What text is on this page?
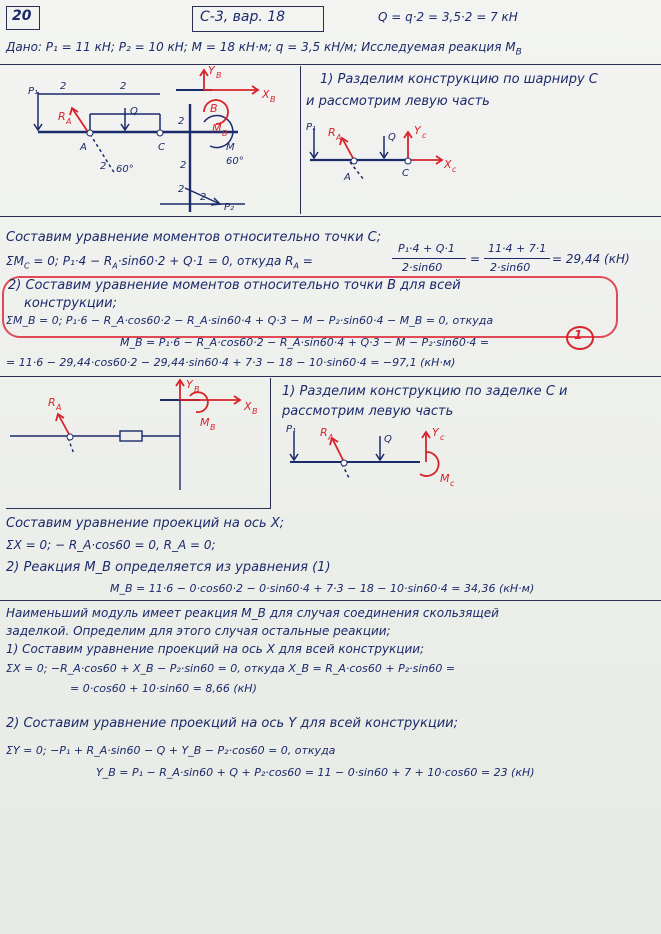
20	С-3, вар. 18	Q = q·2 = 3,5·2 = 7 кН
Дано: P₁ = 11 кН; P₂ = 10 кН; M = 18 кН·м; q = 3,5 кН/м; Исследуемая реакция $M_B$
P₁ 2	2
Q
2
A	C
2
M
60°
60°
2
2
P₂
2
R A
X B
Y B
M B
B
1) Разделим конструкцию по шарниру C
и рассмотрим левую часть
P₁
Q
A	C
R A
Y c
X c
Составим уравнение моментов относительно точки C;
$\Sigma M_C = 0$; $P_1\cdot 4 - R_A\cdot\sin 60\cdot 2 + Q\cdot 1 = 0$, откуда $R_A$ =
P₁·4 + Q·1
2·sin60
=
11·4 + 7·1
2·sin60
= 29,44 (кН)
2) Составим уравнение моментов относительно точки B для всей
конструкции;
ΣM_B = 0; P₁·6 − R_A·cos60·2 − R_A·sin60·4 + Q·3 − M − P₂·sin60·4 − M_B = 0, откуда
M_B = P₁·6 − R_A·cos60·2 − R_A·sin60·4 + Q·3 − M − P₂·sin60·4 =
= 11·6 − 29,44·cos60·2 − 29,44·sin60·4 + 7·3 − 18 − 10·sin60·4 = −97,1 (кН·м)
1
R A
Y B
X B
M B
1) Разделим конструкцию по заделке C и
рассмотрим левую часть
P₁
Q
R A	Y c
M c
Составим уравнение проекций на ось X;
ΣX = 0; − R_A·cos60 = 0, R_A = 0;
2) Реакция M_B определяется из уравнения (1)
M_B = 11·6 − 0·cos60·2 − 0·sin60·4 + 7·3 − 18 − 10·sin60·4 = 34,36 (кН·м)
Наименьший модуль имеет реакция M_B для случая соединения скользящей
заделкой. Определим для этого случая остальные реакции;
1) Составим уравнение проекций на ось X для всей конструкции;
ΣX = 0; −R_A·cos60 + X_B − P₂·sin60 = 0, откуда X_B = R_A·cos60 + P₂·sin60 =
= 0·cos60 + 10·sin60 = 8,66 (кН)
2) Составим уравнение проекций на ось Y для всей конструкции;
ΣY = 0; −P₁ + R_A·sin60 − Q + Y_B − P₂·cos60 = 0, откуда
Y_B = P₁ − R_A·sin60 + Q + P₂·cos60 = 11 − 0·sin60 + 7 + 10·cos60 = 23 (кН)
